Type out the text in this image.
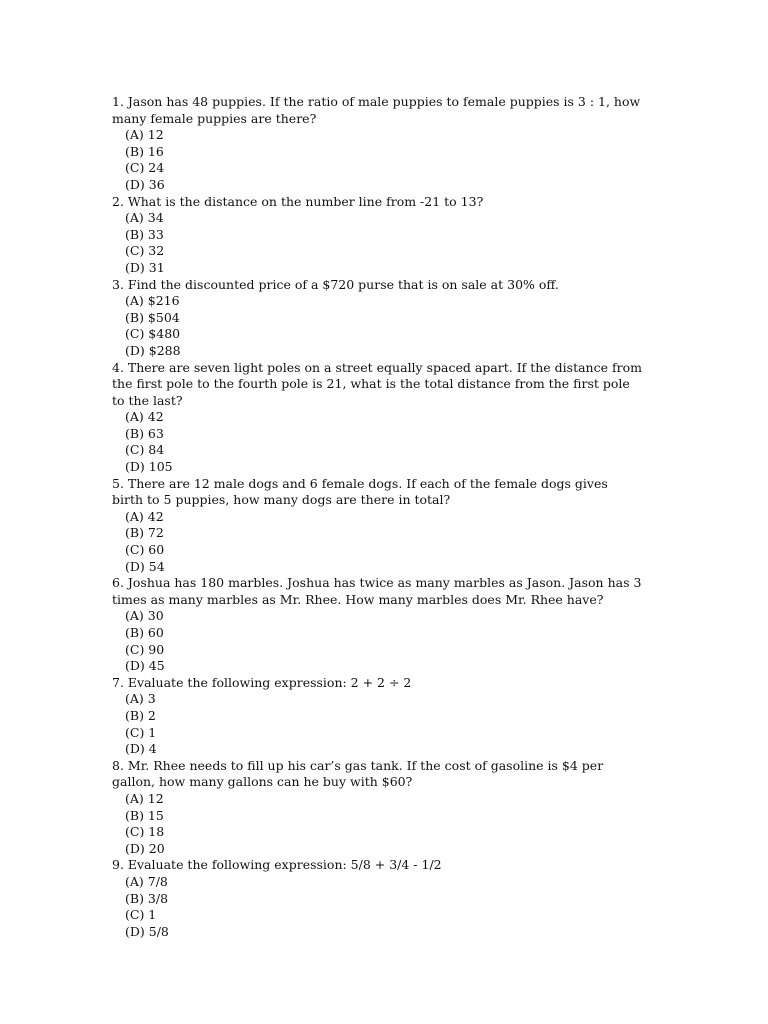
1. Jason has 48 puppies. If the ratio of male puppies to female puppies is 3 : 1, how many female puppies are there?

(A) 12
(B) 16
(C) 24
(D) 36

2. What is the distance on the number line from -21 to 13?

(A) 34
(B) 33
(C) 32
(D) 31

3. Find the discounted price of a $720 purse that is on sale at 30% off.

(A) $216
(B) $504
(C) $480
(D) $288

4. There are seven light poles on a street equally spaced apart. If the distance from the first pole to the fourth pole is 21, what is the total distance from the first pole to the last?

(A) 42
(B) 63
(C) 84
(D) 105

5. There are 12 male dogs and 6 female dogs. If each of the female dogs gives birth to 5 puppies, how many dogs are there in total?

(A) 42
(B) 72
(C) 60
(D) 54

6. Joshua has 180 marbles. Joshua has twice as many marbles as Jason. Jason has 3 times as many marbles as Mr. Rhee. How many marbles does Mr. Rhee have?

(A) 30
(B) 60
(C) 90
(D) 45

7. Evaluate the following expression: 2 + 2 ÷ 2

(A) 3
(B) 2
(C) 1
(D) 4

8. Mr. Rhee needs to fill up his car’s gas tank. If the cost of gasoline is $4 per gallon, how many gallons can he buy with $60?

(A) 12
(B) 15
(C) 18
(D) 20

9. Evaluate the following expression: 5/8 + 3/4 - 1/2

(A) 7/8
(B) 3/8
(C) 1
(D) 5/8
